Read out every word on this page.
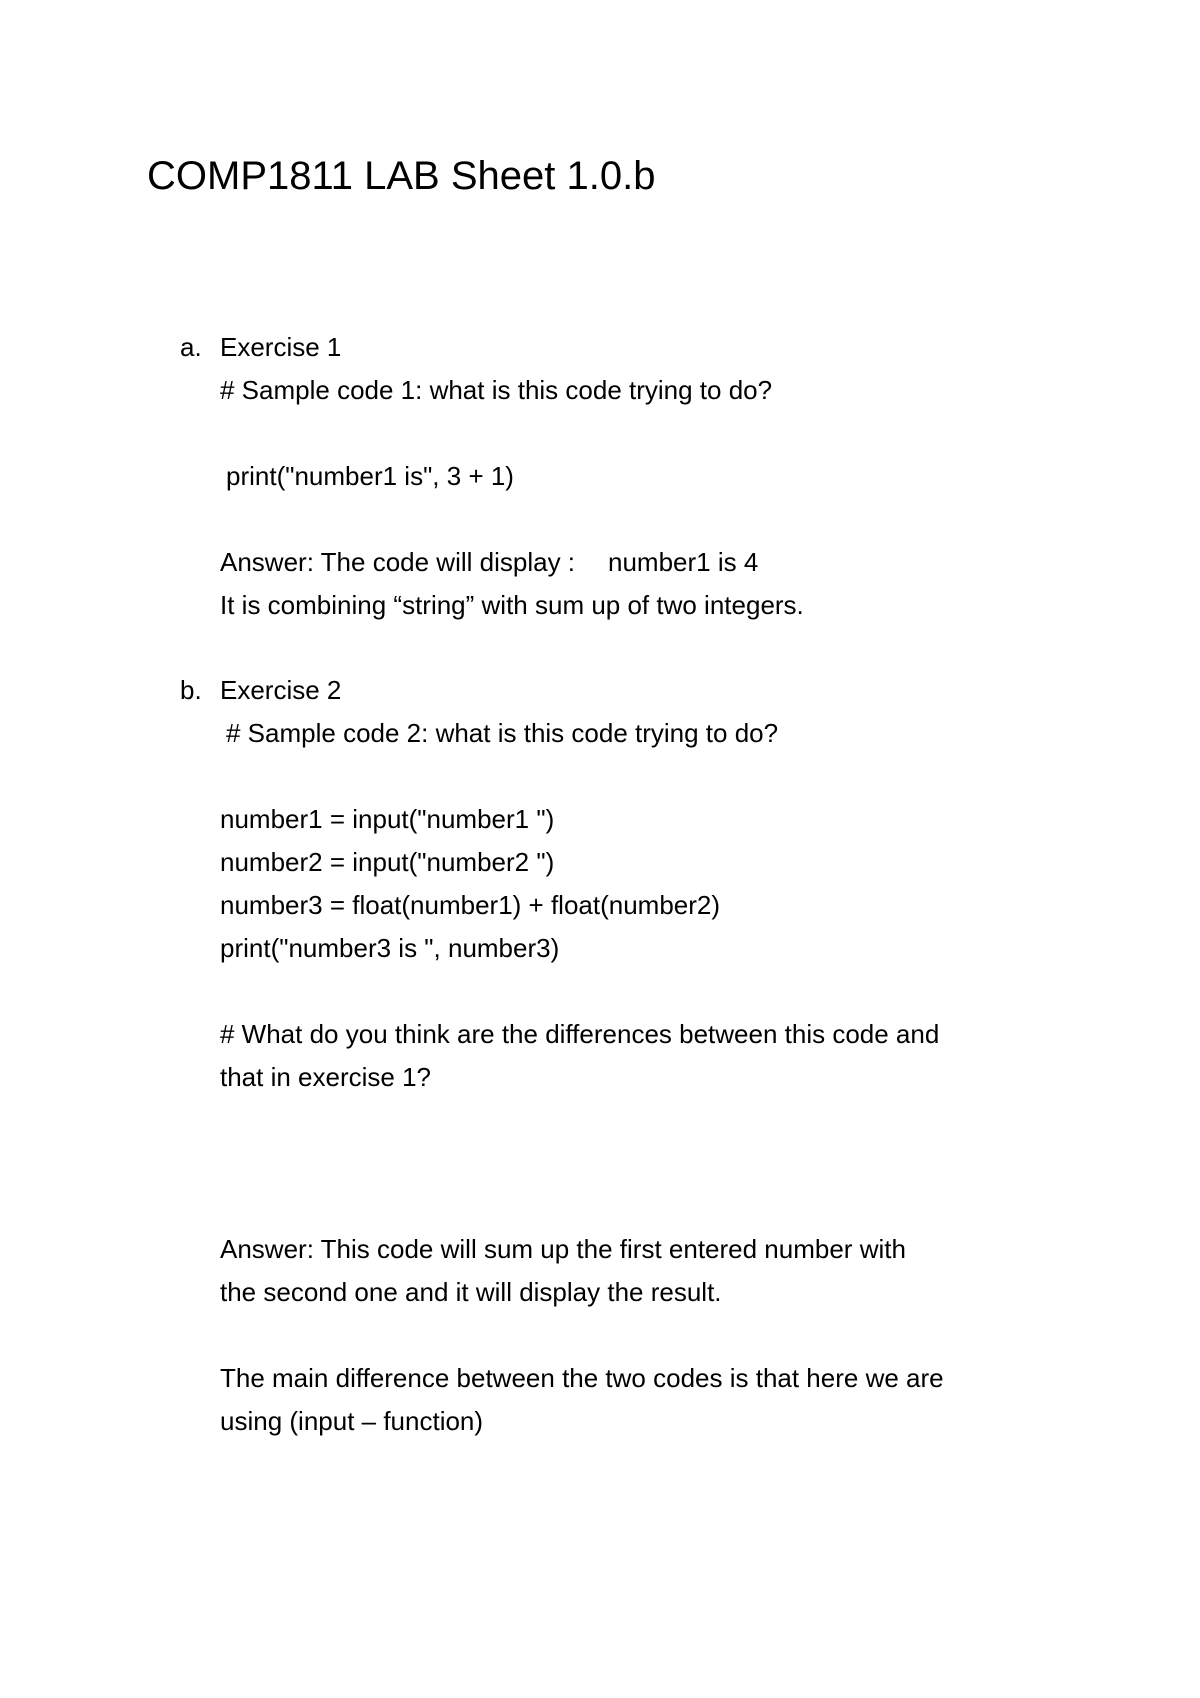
COMP1811 LAB Sheet 1.0.b
a. Exercise 1
# Sample code 1: what is this code trying to do?
print("number1 is", 3 + 1)
Answer: The code will display : number1 is 4
It is combining “string” with sum up of two integers.
b. Exercise 2
# Sample code 2: what is this code trying to do?
number1 = input("number1 ")
number2 = input("number2 ")
number3 = float(number1) + float(number2)
print("number3 is ", number3)
# What do you think are the differences between this code and
that in exercise 1?
Answer: This code will sum up the first entered number with
the second one and it will display the result.
The main difference between the two codes is that here we are
using (input – function)
